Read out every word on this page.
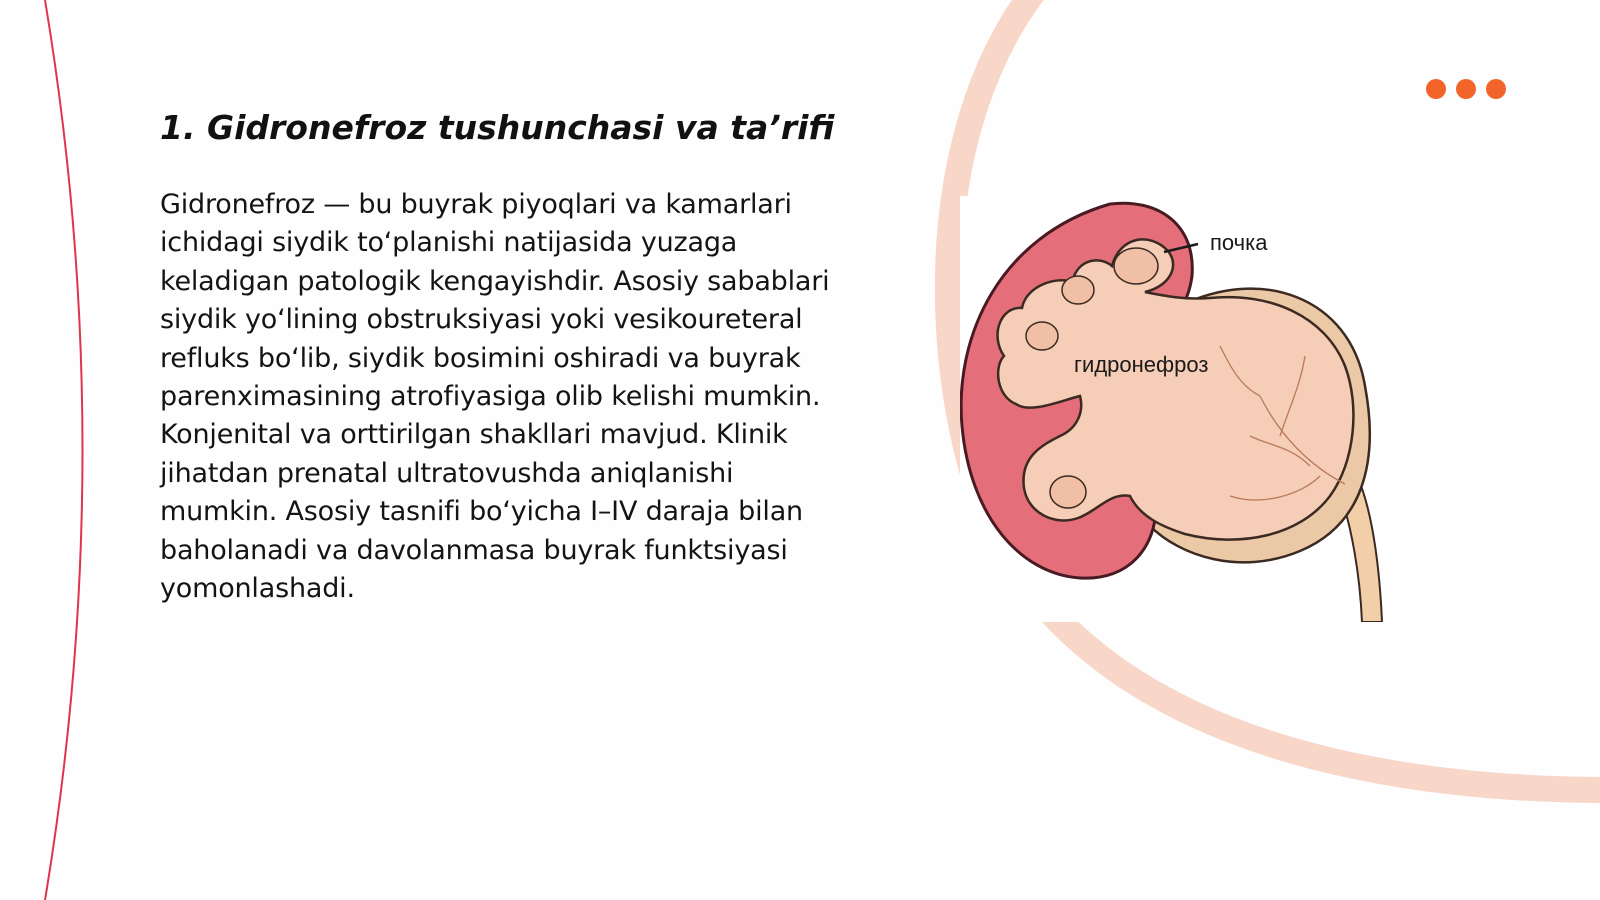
1. Gidronefroz tushunchasi va ta’rifi

Gidronefroz — bu buyrak piyoqlari va kamarlari ichidagi siydik to‘planishi natijasida yuzaga keladigan patologik kengayishdir. Asosiy sabablari siydik yo‘lining obstruksiyasi yoki vesikoureteral refluks bo‘lib, siydik bosimini oshiradi va buyrak parenximasining atrofiyasiga olib kelishi mumkin. Konjenital va orttirilgan shakllari mavjud. Klinik jihatdan prenatal ultratovushda aniqlanishi mumkin. Asosiy tasnifi bo‘yicha I–IV daraja bilan baholanadi va davolanmasa buyrak funktsiyasi yomonlashadi.

почка
гидронефроз
